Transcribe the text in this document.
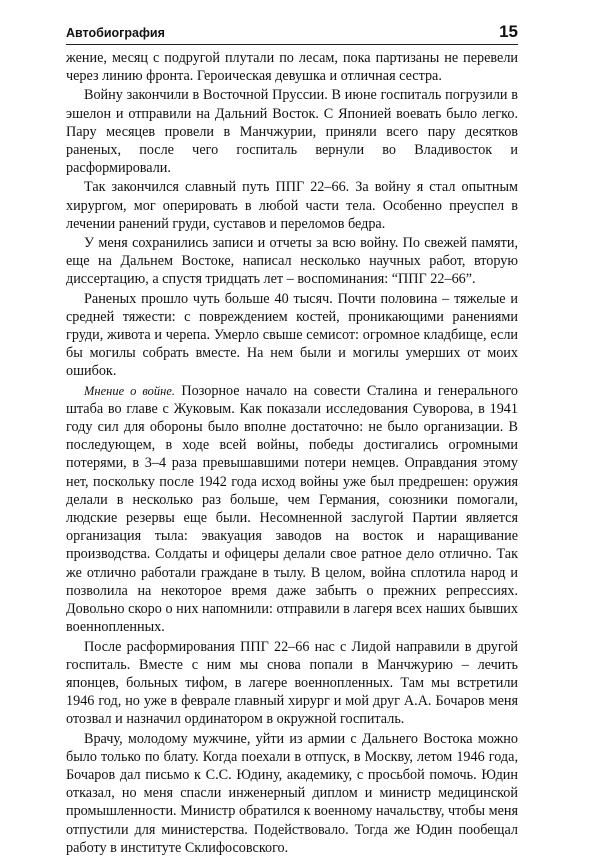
Автобиография	15

жение, месяц с подругой плутали по лесам, пока партизаны не перевели через линию фронта. Героическая девушка и отличная сестра.

Войну закончили в Восточной Пруссии. В июне госпиталь погрузили в эшелон и отправили на Дальний Восток. С Японией воевать было легко. Пару месяцев провели в Манчжурии, приняли всего пару десятков раненых, после чего госпиталь вернули во Владивосток и расформировали.

Так закончился славный путь ППГ 22–66. За войну я стал опытным хирургом, мог оперировать в любой части тела. Особенно преуспел в лечении ранений груди, суставов и переломов бедра.

У меня сохранились записи и отчеты за всю войну. По свежей памяти, еще на Дальнем Востоке, написал несколько научных работ, вторую диссертацию, а спустя тридцать лет – воспоминания: “ППГ 22–66”.

Раненых прошло чуть больше 40 тысяч. Почти половина – тяжелые и средней тяжести: с повреждением костей, проникающими ранениями груди, живота и черепа. Умерло свыше семисот: огромное кладбище, если бы могилы собрать вместе. На нем были и могилы умерших от моих ошибок.

Мнение о войне. Позорное начало на совести Сталина и генерального штаба во главе с Жуковым. Как показали исследования Суворова, в 1941 году сил для обороны было вполне достаточно: не было организации. В последующем, в ходе всей войны, победы достигались огромными потерями, в 3–4 раза превышавшими потери немцев. Оправдания этому нет, поскольку после 1942 года исход войны уже был предрешен: оружия делали в несколько раз больше, чем Германия, союзники помогали, людские резервы еще были. Несомненной заслугой Партии является организация тыла: эвакуация заводов на восток и наращивание производства. Солдаты и офицеры делали свое ратное дело отлично. Так же отлично работали граждане в тылу. В целом, война сплотила народ и позволила на некоторое время даже забыть о прежних репрессиях. Довольно скоро о них напомнили: отправили в лагеря всех наших бывших военнопленных.

После расформирования ППГ 22–66 нас с Лидой направили в другой госпиталь. Вместе с ним мы снова попали в Манчжурию – лечить японцев, больных тифом, в лагере военнопленных. Там мы встретили 1946 год, но уже в феврале главный хирург и мой друг А.А. Бочаров меня отозвал и назначил ординатором в окружной госпиталь.

Врачу, молодому мужчине, уйти из армии с Дальнего Востока можно было только по блату. Когда поехали в отпуск, в Москву, летом 1946 года, Бочаров дал письмо к С.С. Юдину, академику, с просьбой помочь. Юдин отказал, но меня спасли инженерный диплом и министр медицинской промышленности. Министр обратился к военному начальству, чтобы меня отпустили для министерства. Подействовало. Тогда же Юдин пообещал работу в институте Склифосовского.
